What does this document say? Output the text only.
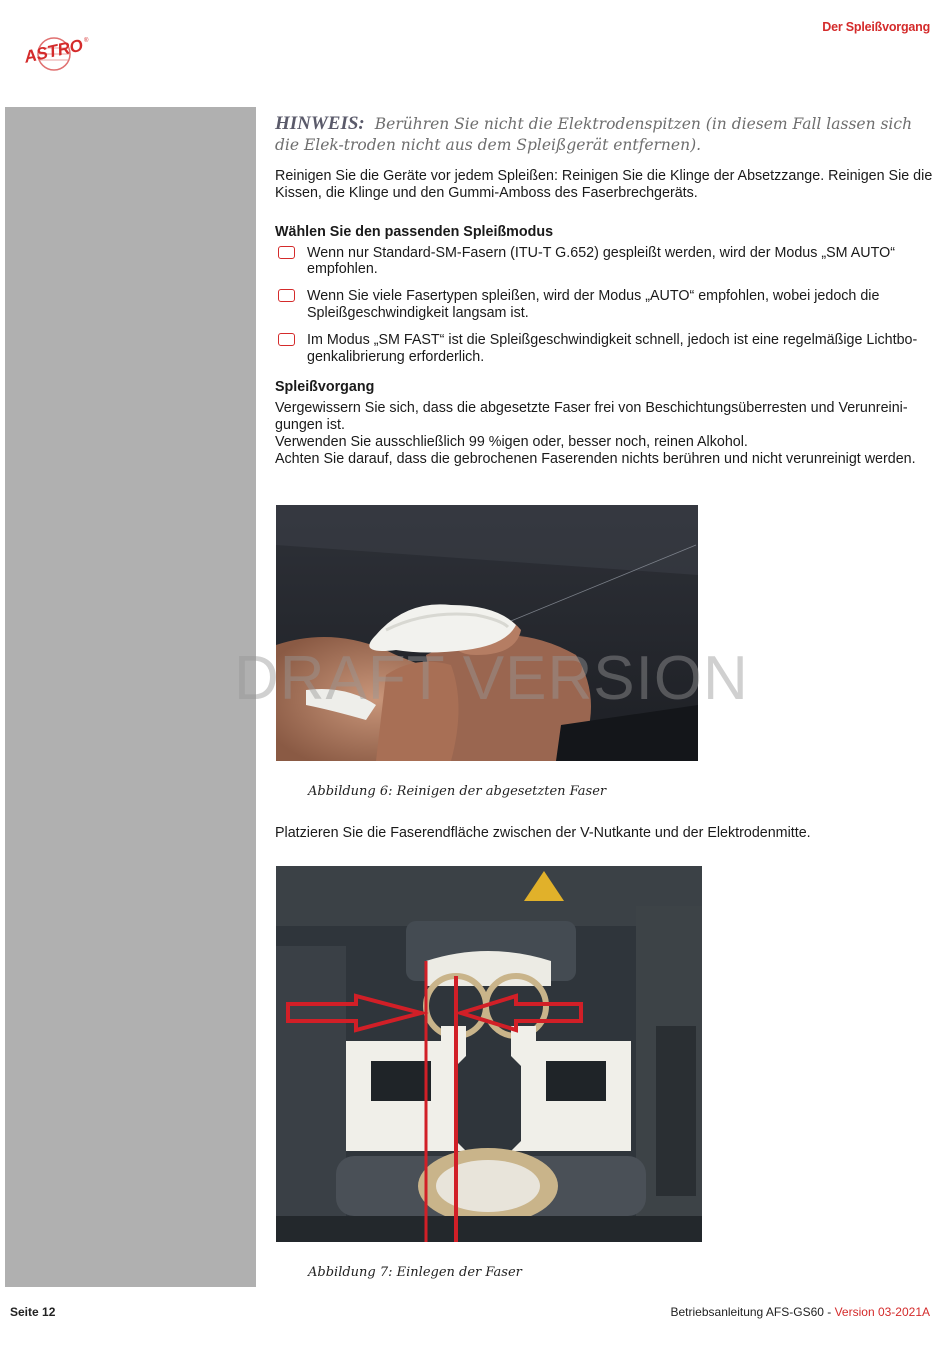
ASTRO ®
Der Spleißvorgang
HINWEIS: Berühren Sie nicht die Elektrodenspitzen (in diesem Fall lassen sich die Elek-troden nicht aus dem Spleißgerät entfernen).

Reinigen Sie die Geräte vor jedem Spleißen: Reinigen Sie die Klinge der Absetzzange. Reinigen Sie die Kissen, die Klinge und den Gummi-Amboss des Faserbrechgeräts.

Wählen Sie den passenden Spleißmodus
Wenn nur Standard-SM-Fasern (ITU-T G.652) gespleißt werden, wird der Modus „SM AUTO“ empfohlen.
Wenn Sie viele Fasertypen spleißen, wird der Modus „AUTO“ empfohlen, wobei jedoch die Spleißgeschwindigkeit langsam ist.
Im Modus „SM FAST“ ist die Spleißgeschwindigkeit schnell, jedoch ist eine regelmäßige Lichtbo-genkalibrierung erforderlich.
Spleißvorgang

Vergewissern Sie sich, dass die abgesetzte Faser frei von Beschichtungsüberresten und Verunreini-gungen ist.

Verwenden Sie ausschließlich 99 %igen oder, besser noch, reinen Alkohol.

Achten Sie darauf, dass die gebrochenen Faserenden nichts berühren und nicht verunreinigt werden.

DRAFT VERSION
Abbildung 6: Reinigen der abgesetzten Faser

Platzieren Sie die Faserendfläche zwischen der V-Nutkante und der Elektrodenmitte.

Abbildung 7: Einlegen der Faser
Seite 12	Betriebsanleitung AFS-GS60 - Version 03-2021A
